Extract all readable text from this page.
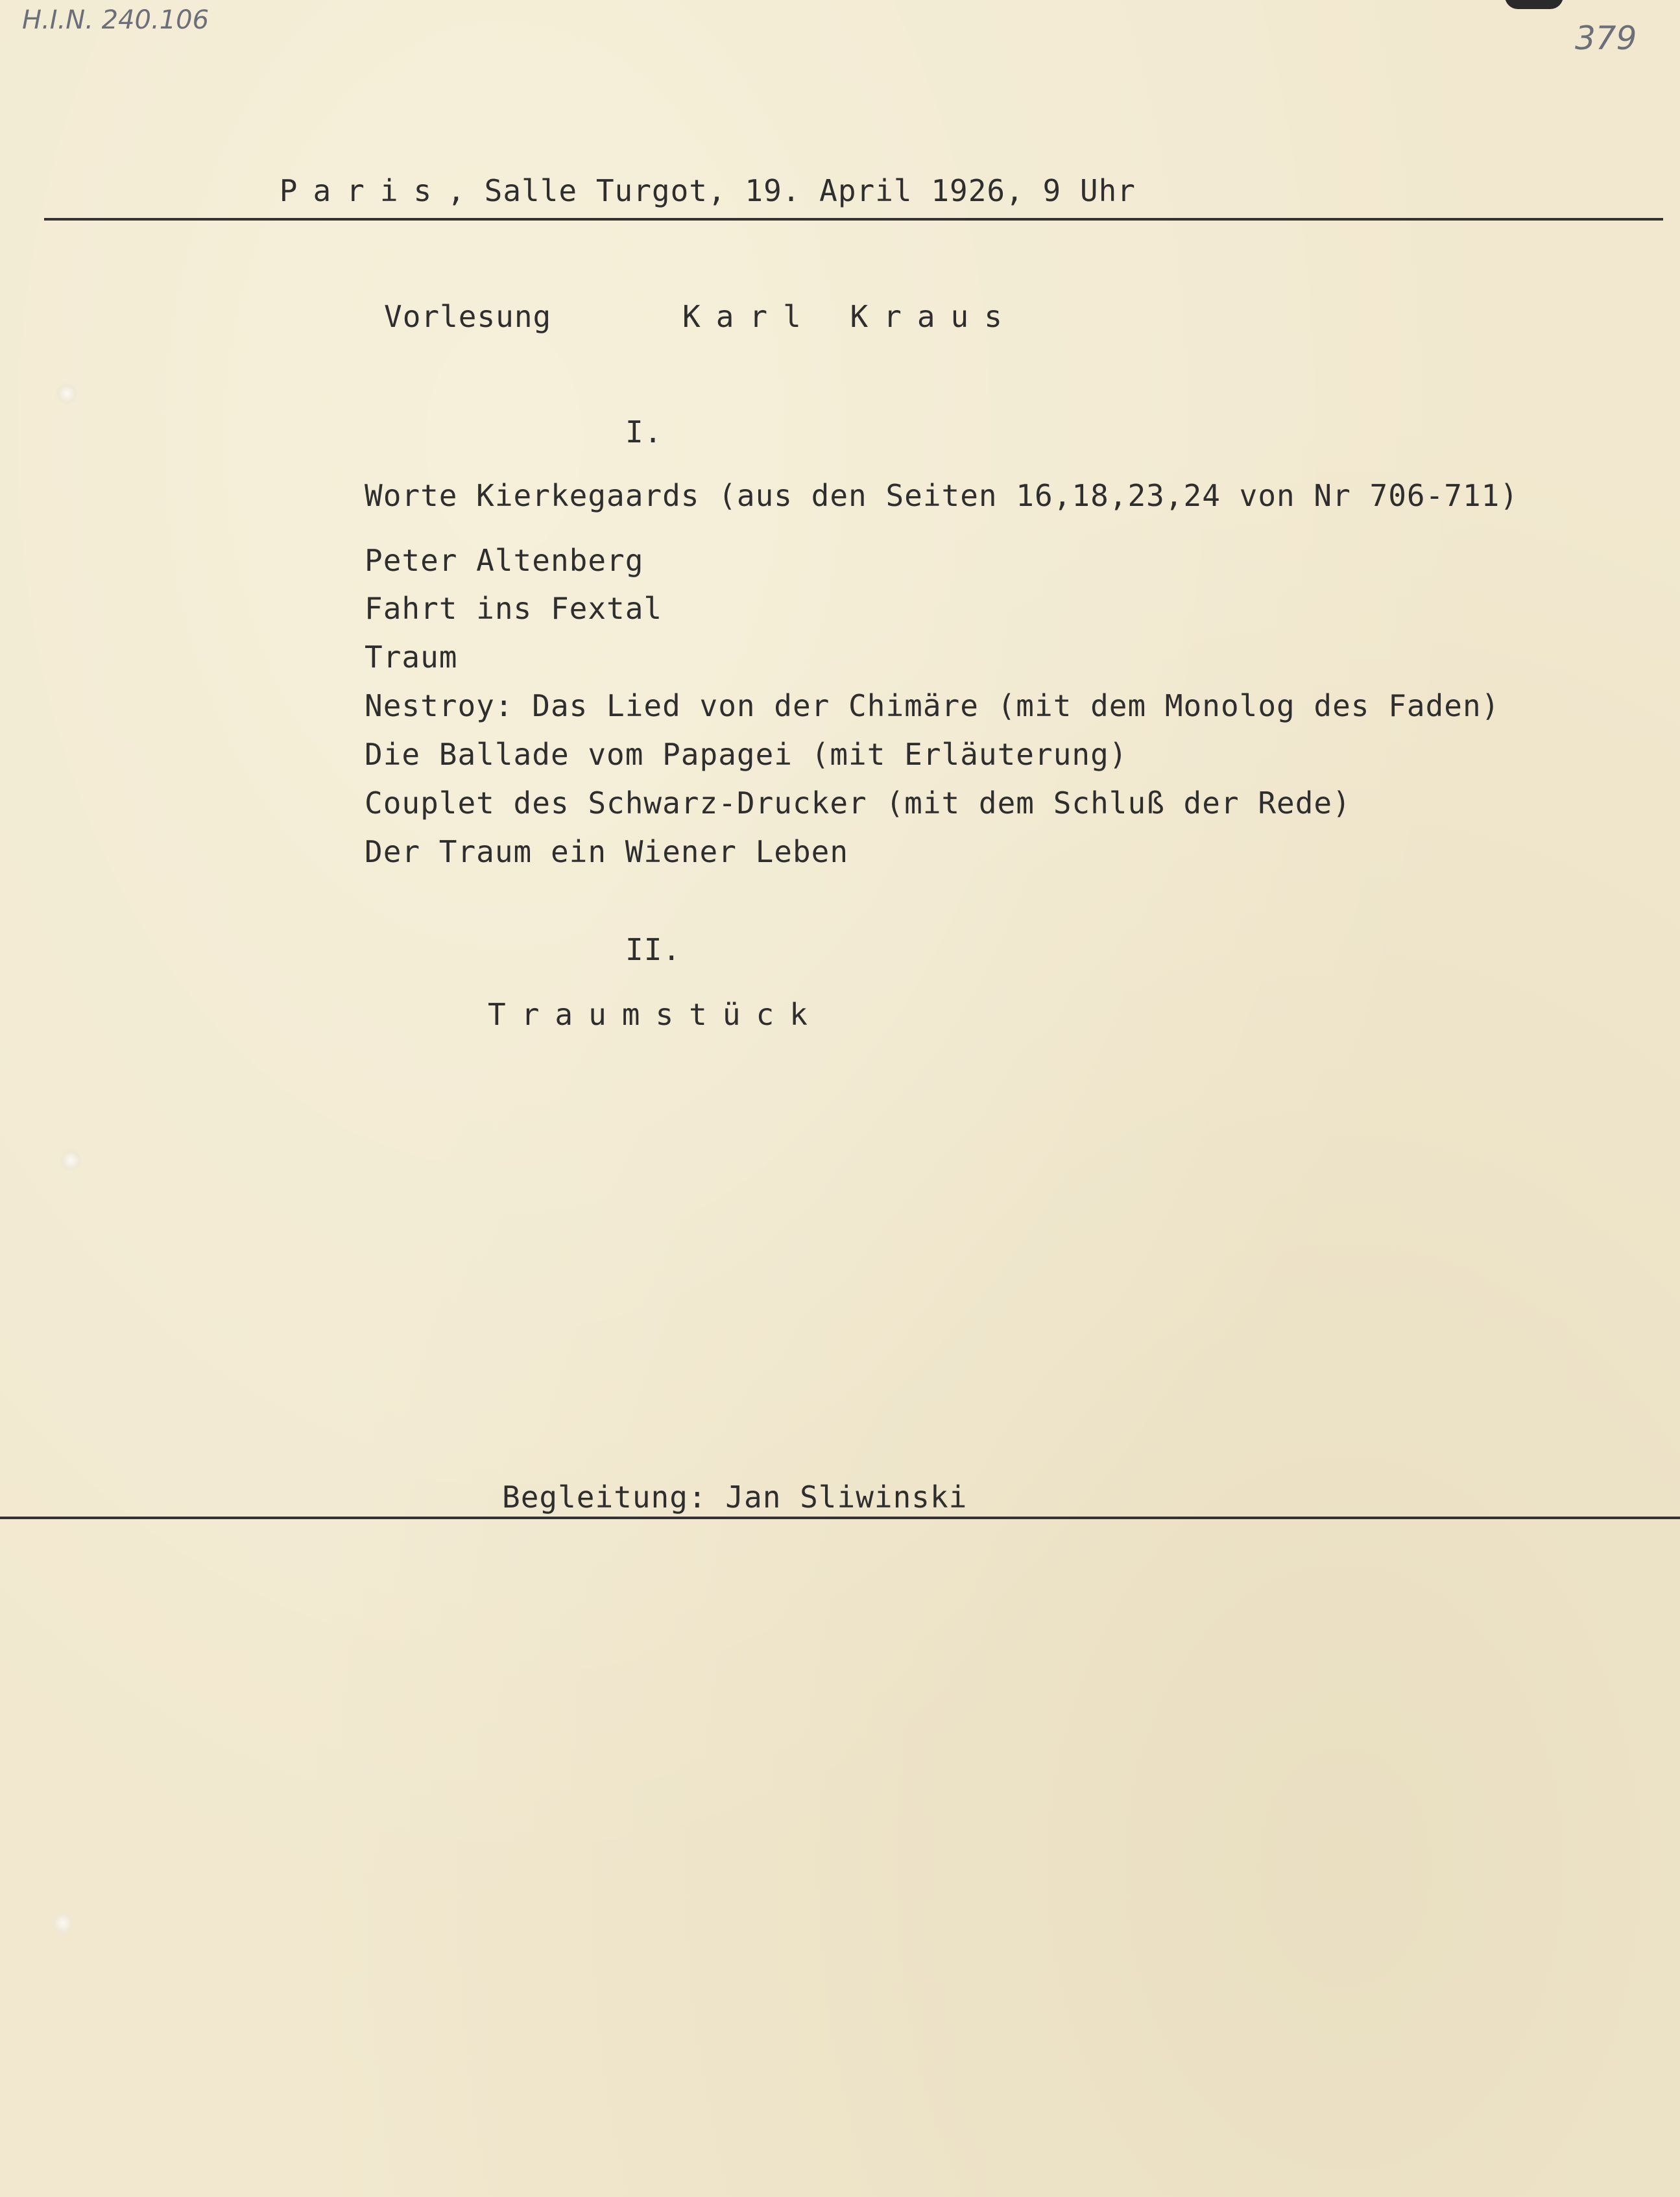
H.I.N. 240.106	379

Paris, Salle Turgot, 19. April 1926, 9 Uhr

Vorlesung	Karl Kraus
I.
Worte Kierkegaards (aus den Seiten 16,18,23,24 von Nr 706-711)
Peter Altenberg
Fahrt ins Fextal
Traum
Nestroy: Das Lied von der Chimäre (mit dem Monolog des Faden)
Die Ballade vom Papagei (mit Erläuterung)
Couplet des Schwarz-Drucker (mit dem Schluß der Rede)
Der Traum ein Wiener Leben
II.
Traumstück
Begleitung: Jan Sliwinski
